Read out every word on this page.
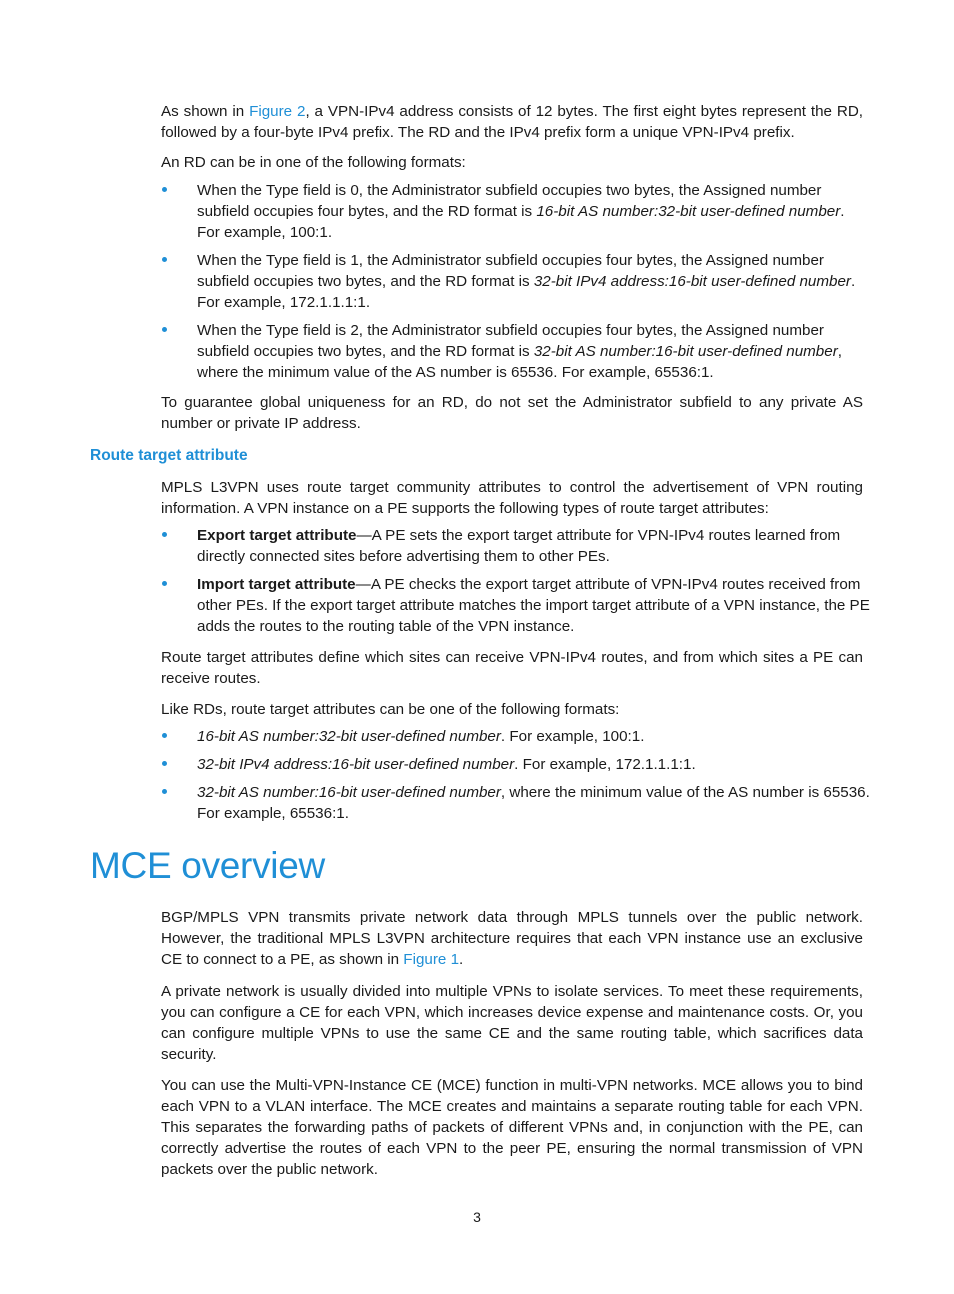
As shown in Figure 2, a VPN-IPv4 address consists of 12 bytes. The first eight bytes represent the RD, followed by a four-byte IPv4 prefix. The RD and the IPv4 prefix form a unique VPN-IPv4 prefix.

An RD can be in one of the following formats:

When the Type field is 0, the Administrator subfield occupies two bytes, the Assigned number subfield occupies four bytes, and the RD format is 16-bit AS number:32-bit user-defined number. For example, 100:1.
When the Type field is 1, the Administrator subfield occupies four bytes, the Assigned number subfield occupies two bytes, and the RD format is 32-bit IPv4 address:16-bit user-defined number. For example, 172.1.1.1:1.
When the Type field is 2, the Administrator subfield occupies four bytes, the Assigned number subfield occupies two bytes, and the RD format is 32-bit AS number:16-bit user-defined number, where the minimum value of the AS number is 65536. For example, 65536:1.

To guarantee global uniqueness for an RD, do not set the Administrator subfield to any private AS number or private IP address.

Route target attribute

MPLS L3VPN uses route target community attributes to control the advertisement of VPN routing information. A VPN instance on a PE supports the following types of route target attributes:

Export target attribute—A PE sets the export target attribute for VPN-IPv4 routes learned from directly connected sites before advertising them to other PEs.
Import target attribute—A PE checks the export target attribute of VPN-IPv4 routes received from other PEs. If the export target attribute matches the import target attribute of a VPN instance, the PE adds the routes to the routing table of the VPN instance.

Route target attributes define which sites can receive VPN-IPv4 routes, and from which sites a PE can receive routes.

Like RDs, route target attributes can be one of the following formats:

16-bit AS number:32-bit user-defined number. For example, 100:1.
32-bit IPv4 address:16-bit user-defined number. For example, 172.1.1.1:1.
32-bit AS number:16-bit user-defined number, where the minimum value of the AS number is 65536. For example, 65536:1.
MCE overview

BGP/MPLS VPN transmits private network data through MPLS tunnels over the public network. However, the traditional MPLS L3VPN architecture requires that each VPN instance use an exclusive CE to connect to a PE, as shown in Figure 1.

A private network is usually divided into multiple VPNs to isolate services. To meet these requirements, you can configure a CE for each VPN, which increases device expense and maintenance costs. Or, you can configure multiple VPNs to use the same CE and the same routing table, which sacrifices data security.

You can use the Multi-VPN-Instance CE (MCE) function in multi-VPN networks. MCE allows you to bind each VPN to a VLAN interface. The MCE creates and maintains a separate routing table for each VPN. This separates the forwarding paths of packets of different VPNs and, in conjunction with the PE, can correctly advertise the routes of each VPN to the peer PE, ensuring the normal transmission of VPN packets over the public network.

3
